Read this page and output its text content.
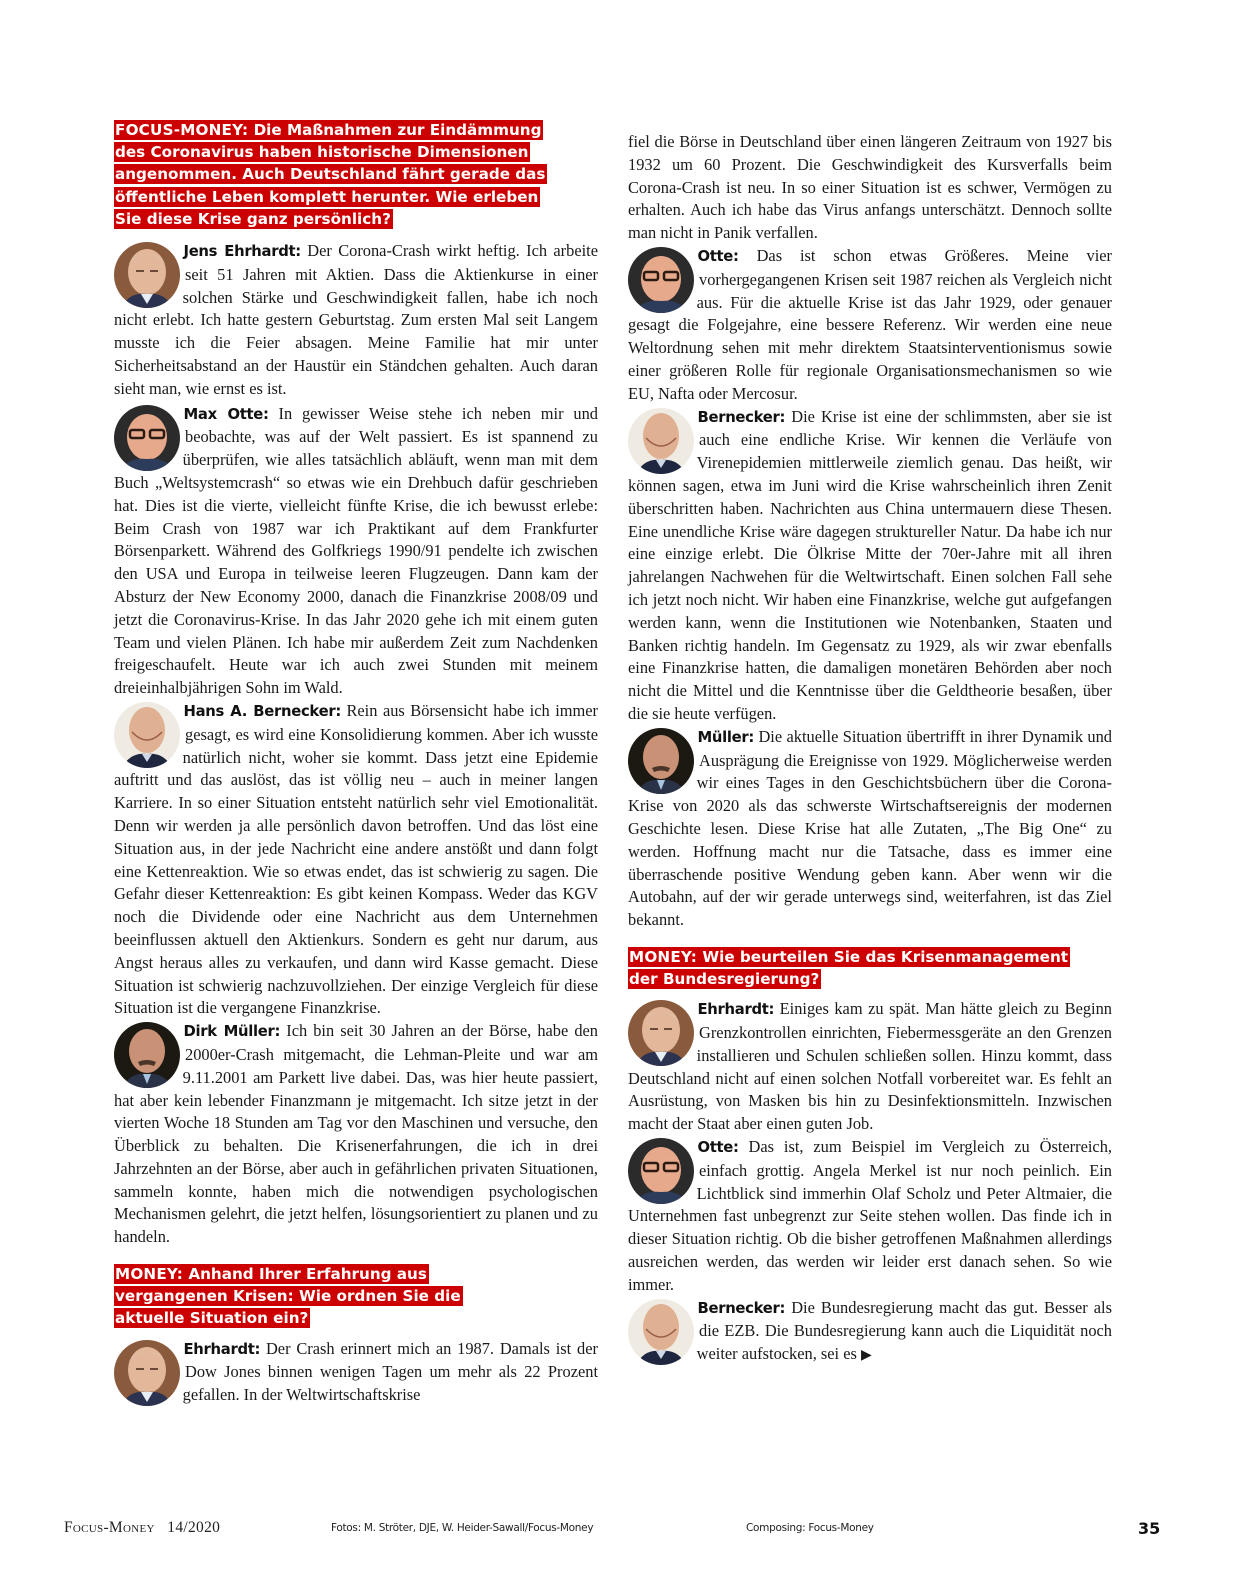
FOCUS-MONEY: Die Maßnahmen zur Eindämmung des Coronavirus haben historische Dimensionen angenommen. Auch Deutschland fährt gerade das öffentliche Leben komplett herunter. Wie erleben Sie diese Krise ganz persönlich?

Jens Ehrhardt: Der Corona-Crash wirkt heftig. Ich arbeite seit 51 Jahren mit Aktien. Dass die Aktienkurse in einer solchen Stärke und Geschwindigkeit fallen, habe ich noch nicht erlebt. Ich hatte gestern Geburtstag. Zum ersten Mal seit Langem musste ich die Feier absagen. Meine Familie hat mir unter Sicherheitsabstand an der Haustür ein Ständchen gehalten. Auch daran sieht man, wie ernst es ist.

Max Otte: In gewisser Weise stehe ich neben mir und beobachte, was auf der Welt passiert. Es ist spannend zu überprüfen, wie alles tatsächlich abläuft, wenn man mit dem Buch „Weltsystemcrash“ so etwas wie ein Drehbuch dafür geschrieben hat. Dies ist die vierte, vielleicht fünfte Krise, die ich bewusst erlebe: Beim Crash von 1987 war ich Praktikant auf dem Frankfurter Börsenparkett. Während des Golfkriegs 1990/91 pendelte ich zwischen den USA und Europa in teilweise leeren Flugzeugen. Dann kam der Absturz der New Economy 2000, danach die Finanzkrise 2008/09 und jetzt die Coronavirus-Krise. In das Jahr 2020 gehe ich mit einem guten Team und vielen Plänen. Ich habe mir außerdem Zeit zum Nachdenken freigeschaufelt. Heute war ich auch zwei Stunden mit meinem dreieinhalbjährigen Sohn im Wald.

Hans A. Bernecker: Rein aus Börsensicht habe ich immer gesagt, es wird eine Konsolidierung kommen. Aber ich wusste natürlich nicht, woher sie kommt. Dass jetzt eine Epidemie auftritt und das auslöst, das ist völlig neu – auch in meiner langen Karriere. In so einer Situation entsteht natürlich sehr viel Emotionalität. Denn wir werden ja alle persönlich davon betroffen. Und das löst eine Situation aus, in der jede Nachricht eine andere anstößt und dann folgt eine Kettenreaktion. Wie so etwas endet, das ist schwierig zu sagen. Die Gefahr dieser Kettenreaktion: Es gibt keinen Kompass. Weder das KGV noch die Dividende oder eine Nachricht aus dem Unternehmen beeinflussen aktuell den Aktienkurs. Sondern es geht nur darum, aus Angst heraus alles zu verkaufen, und dann wird Kasse gemacht. Diese Situation ist schwierig nachzuvollziehen. Der einzige Vergleich für diese Situation ist die vergangene Finanzkrise.

Dirk Müller: Ich bin seit 30 Jahren an der Börse, habe den 2000er-Crash mitgemacht, die Lehman-Pleite und war am 9.11.2001 am Parkett live dabei. Das, was hier heute passiert, hat aber kein lebender Finanzmann je mitgemacht. Ich sitze jetzt in der vierten Woche 18 Stunden am Tag vor den Maschinen und versuche, den Überblick zu behalten. Die Krisenerfahrungen, die ich in drei Jahrzehnten an der Börse, aber auch in gefährlichen privaten Situationen, sammeln konnte, haben mich die notwendigen psychologischen Mechanismen gelehrt, die jetzt helfen, lösungsorientiert zu planen und zu handeln.

MONEY: Anhand Ihrer Erfahrung aus vergangenen Krisen: Wie ordnen Sie die aktuelle Situation ein?

Ehrhardt: Der Crash erinnert mich an 1987. Damals ist der Dow Jones binnen wenigen Tagen um mehr als 22 Prozent gefallen. In der Weltwirtschaftskrise

fiel die Börse in Deutschland über einen längeren Zeitraum von 1927 bis 1932 um 60 Prozent. Die Geschwindigkeit des Kursverfalls beim Corona-Crash ist neu. In so einer Situation ist es schwer, Vermögen zu erhalten. Auch ich habe das Virus anfangs unterschätzt. Dennoch sollte man nicht in Panik verfallen.

Otte: Das ist schon etwas Größeres. Meine vier vorhergegangenen Krisen seit 1987 reichen als Vergleich nicht aus. Für die aktuelle Krise ist das Jahr 1929, oder genauer gesagt die Folgejahre, eine bessere Referenz. Wir werden eine neue Weltordnung sehen mit mehr direktem Staatsinterventionismus sowie einer größeren Rolle für regionale Organisationsmechanismen so wie EU, Nafta oder Mercosur.

Bernecker: Die Krise ist eine der schlimmsten, aber sie ist auch eine endliche Krise. Wir kennen die Verläufe von Virenepidemien mittlerweile ziemlich genau. Das heißt, wir können sagen, etwa im Juni wird die Krise wahrscheinlich ihren Zenit überschritten haben. Nachrichten aus China untermauern diese Thesen. Eine unendliche Krise wäre dagegen struktureller Natur. Da habe ich nur eine einzige erlebt. Die Ölkrise Mitte der 70er-Jahre mit all ihren jahrelangen Nachwehen für die Weltwirtschaft. Einen solchen Fall sehe ich jetzt noch nicht. Wir haben eine Finanzkrise, welche gut aufgefangen werden kann, wenn die Institutionen wie Notenbanken, Staaten und Banken richtig handeln. Im Gegensatz zu 1929, als wir zwar ebenfalls eine Finanzkrise hatten, die damaligen monetären Behörden aber noch nicht die Mittel und die Kenntnisse über die Geldtheorie besaßen, über die sie heute verfügen.

Müller: Die aktuelle Situation übertrifft in ihrer Dynamik und Ausprägung die Ereignisse von 1929. Möglicherweise werden wir eines Tages in den Geschichtsbüchern über die Corona-Krise von 2020 als das schwerste Wirtschaftsereignis der modernen Geschichte lesen. Diese Krise hat alle Zutaten, „The Big One“ zu werden. Hoffnung macht nur die Tatsache, dass es immer eine überraschende positive Wendung geben kann. Aber wenn wir die Autobahn, auf der wir gerade unterwegs sind, weiterfahren, ist das Ziel bekannt.

MONEY: Wie beurteilen Sie das Krisenmanagement der Bundesregierung?

Ehrhardt: Einiges kam zu spät. Man hätte gleich zu Beginn Grenzkontrollen einrichten, Fiebermessgeräte an den Grenzen installieren und Schulen schließen sollen. Hinzu kommt, dass Deutschland nicht auf einen solchen Notfall vorbereitet war. Es fehlt an Ausrüstung, von Masken bis hin zu Desinfektionsmitteln. Inzwischen macht der Staat aber einen guten Job.

Otte: Das ist, zum Beispiel im Vergleich zu Österreich, einfach grottig. Angela Merkel ist nur noch peinlich. Ein Lichtblick sind immerhin Olaf Scholz und Peter Altmaier, die Unternehmen fast unbegrenzt zur Seite stehen wollen. Das finde ich in dieser Situation richtig. Ob die bisher getroffenen Maßnahmen allerdings ausreichen werden, das werden wir leider erst danach sehen. So wie immer.

Bernecker: Die Bundesregierung macht das gut. Besser als die EZB. Die Bundesregierung kann auch die Liquidität noch weiter aufstocken, sei es ▶

Focus-Money 14/2020	Fotos: M. Ströter, DJE, W. Heider-Sawall/Focus-Money	Composing: Focus-Money	35
